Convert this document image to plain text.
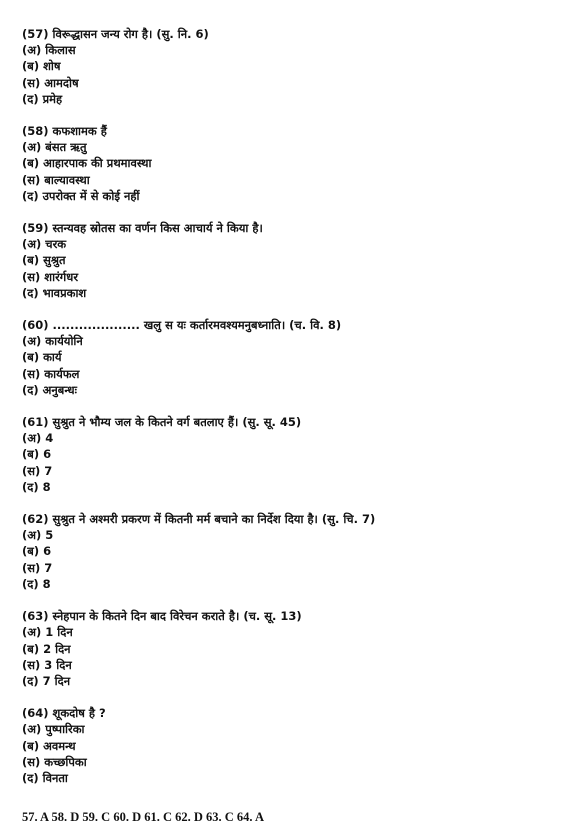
(57) विरूद्धासन जन्य रोग है। (सु. नि. 6)
(अ) किलास
(ब) शोष
(स) आमदोष
(द) प्रमेह
(58) कफशामक हैं
(अ) बंसत ऋतु
(ब) आहारपाक की प्रथमावस्था
(स) बाल्यावस्था
(द) उपरोक्त में से कोई नहीं
(59) स्तन्यवह स्रोतस का वर्णन किस आचार्य ने किया है।
(अ) चरक
(ब) सुश्रुत
(स) शारंर्गधर
(द) भावप्रकाश
(60) .................... खलु स यः कर्तारमवश्यमनुबध्नाति। (च. वि. 8)
(अ) कार्ययोनि
(ब) कार्य
(स) कार्यफल
(द) अनुबन्धः
(61) सुश्रुत ने भौम्य जल के कितने वर्ग बतलाए हैं। (सु. सू. 45)
(अ) 4
(ब) 6
(स) 7
(द) 8
(62) सुश्रुत ने अश्मरी प्रकरण में कितनी मर्म बचाने का निर्देश दिया है। (सु. चि. 7)
(अ) 5
(ब) 6
(स) 7
(द) 8
(63) स्नेहपान के कितने दिन बाद विरेचन कराते है। (च. सू. 13)
(अ) 1 दिन
(ब) 2 दिन
(स) 3 दिन
(द) 7 दिन
(64) शूकदोष है ?
(अ) पुष्पारिका
(ब) अवमन्थ
(स) कच्छपिका
(द) विनता
57. A 58. D 59. C 60. D 61. C 62. D 63. C 64. A
